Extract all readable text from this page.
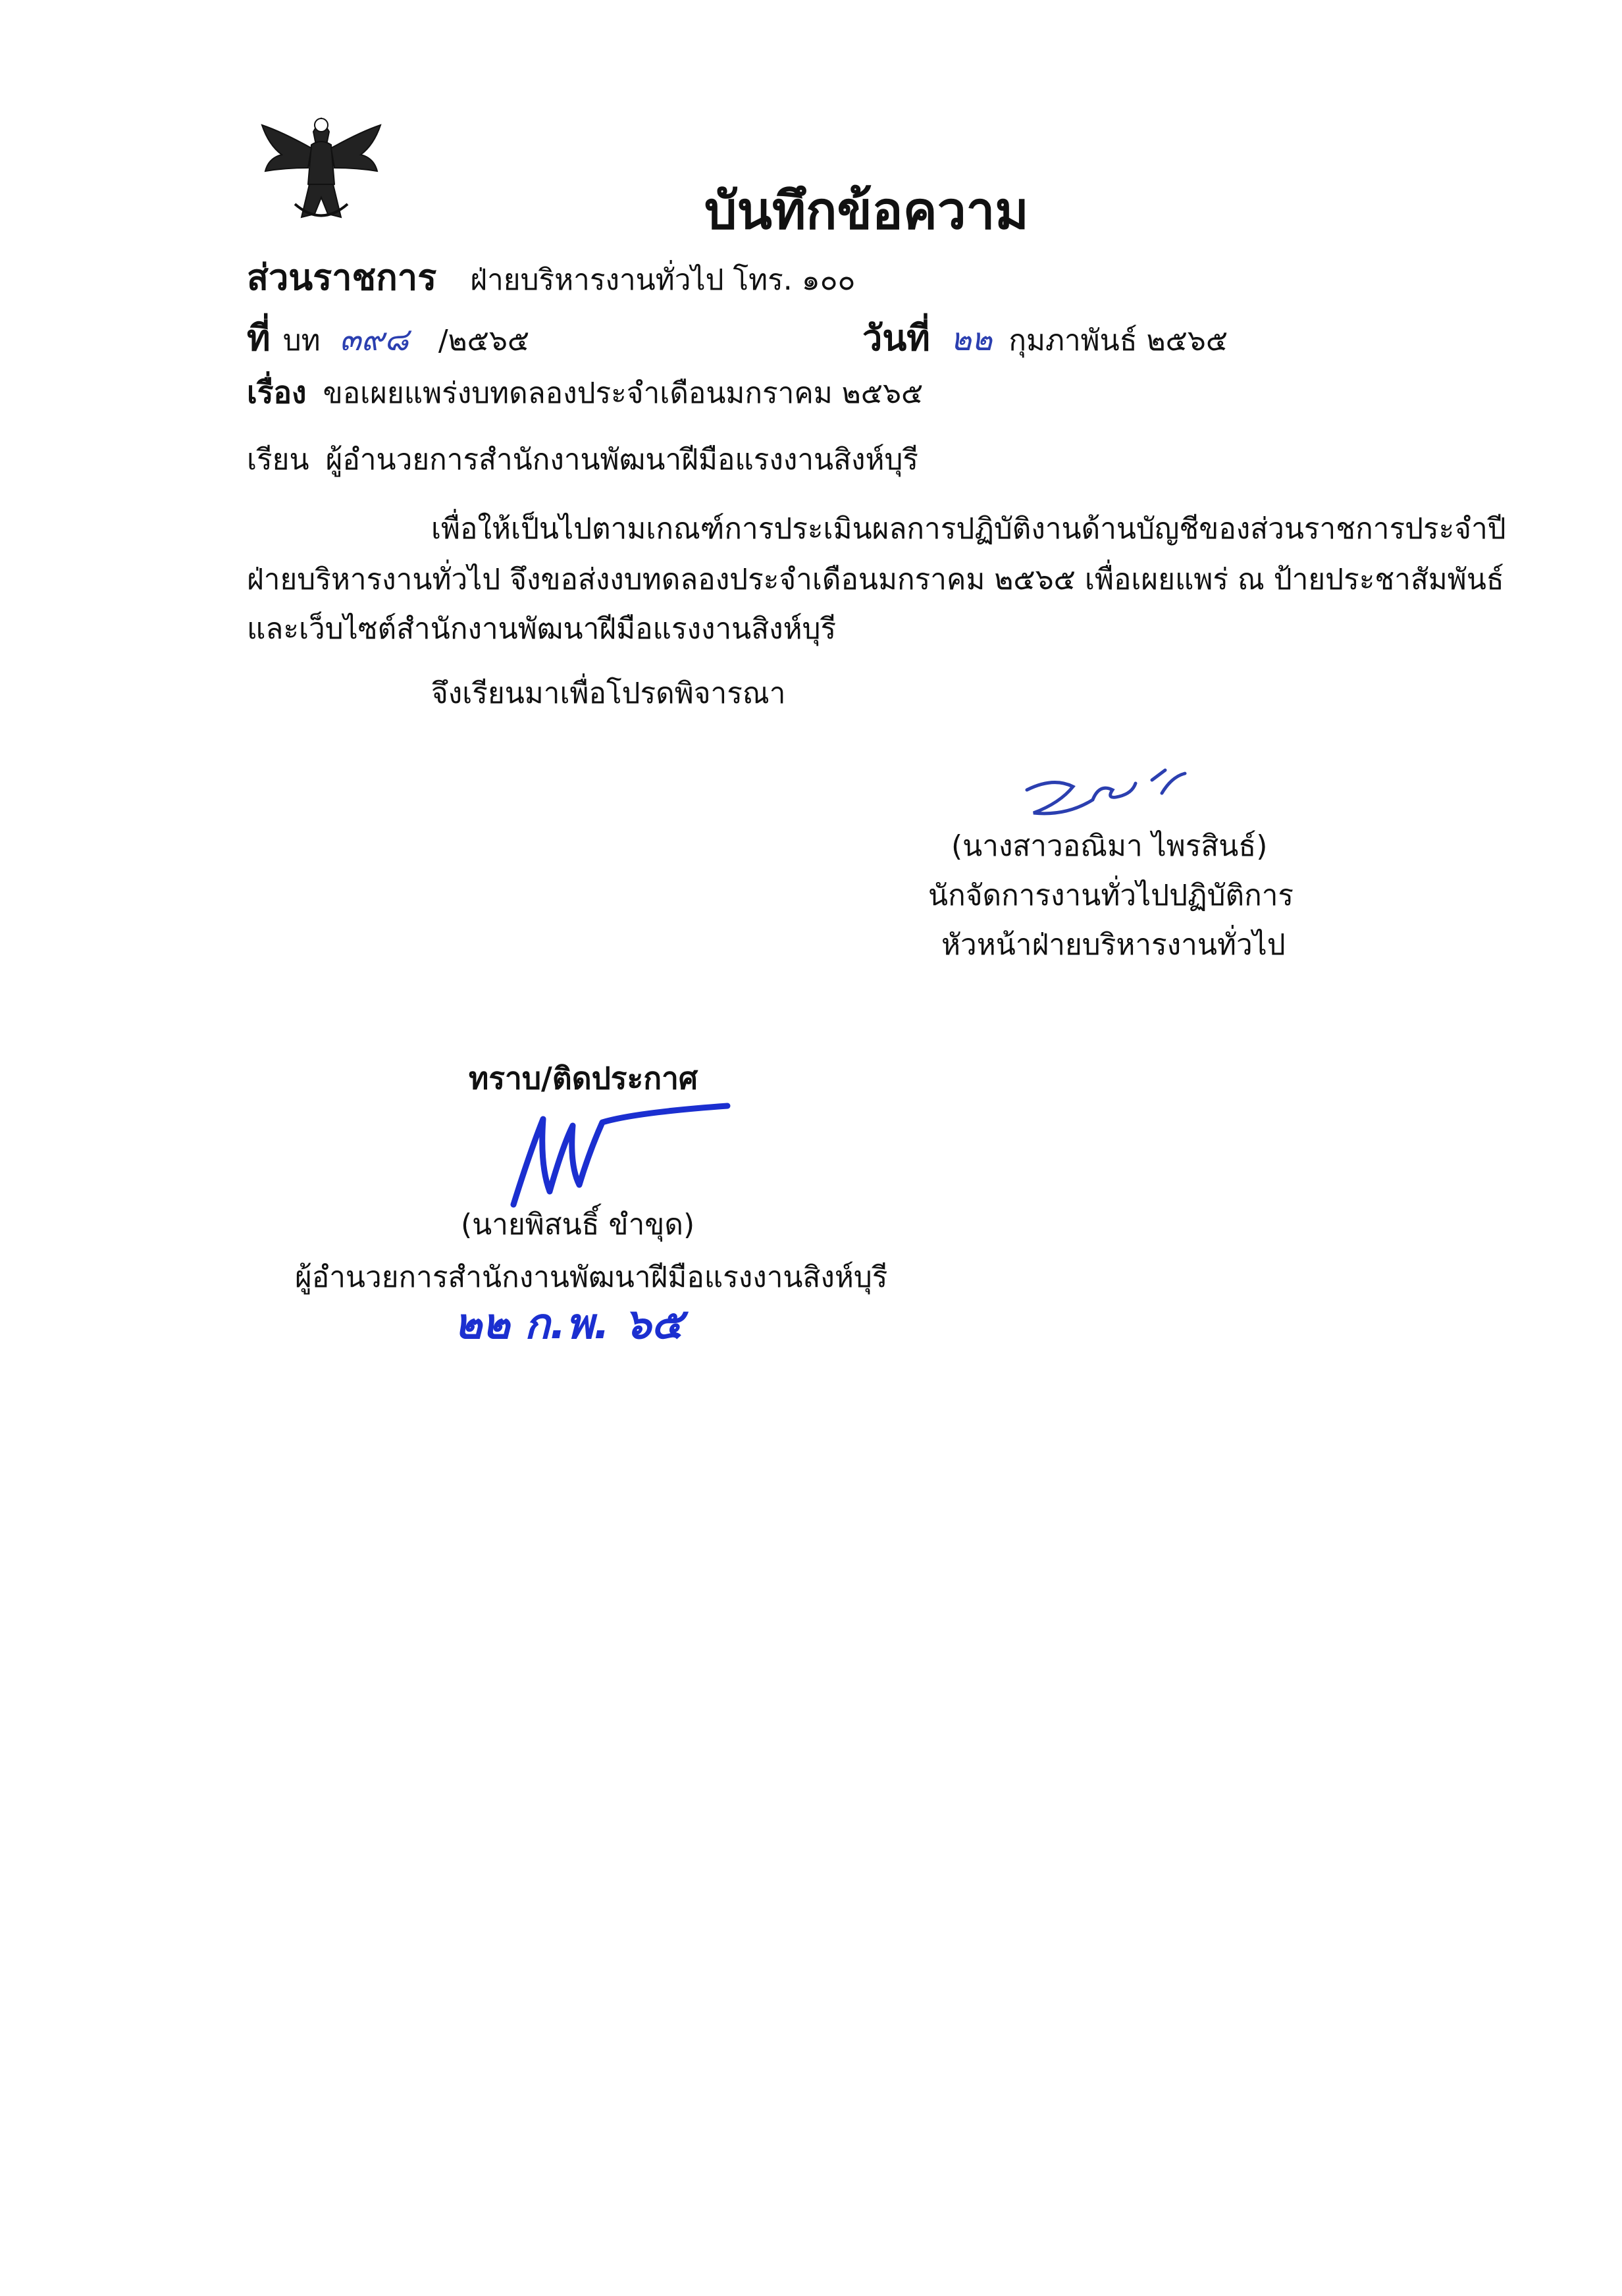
บันทึกข้อความ
ส่วนราชการ ฝ่ายบริหารงานทั่วไป โทร. ๑๐๐
ที่ บท ๓๙๘ /๒๕๖๕	วันที่ ๒๒ กุมภาพันธ์ ๒๕๖๕
เรื่อง ขอเผยแพร่งบทดลองประจำเดือนมกราคม ๒๕๖๕
เรียน ผู้อำนวยการสำนักงานพัฒนาฝีมือแรงงานสิงห์บุรี
เพื่อให้เป็นไปตามเกณฑ์การประเมินผลการปฏิบัติงานด้านบัญชีของส่วนราชการประจำปี
ฝ่ายบริหารงานทั่วไป จึงขอส่งงบทดลองประจำเดือนมกราคม ๒๕๖๕ เพื่อเผยแพร่ ณ ป้ายประชาสัมพันธ์
และเว็บไซต์สำนักงานพัฒนาฝีมือแรงงานสิงห์บุรี
จึงเรียนมาเพื่อโปรดพิจารณา
(นางสาวอณิมา ไพรสินธ์)
นักจัดการงานทั่วไปปฏิบัติการ
หัวหน้าฝ่ายบริหารงานทั่วไป
ทราบ/ติดประกาศ
(นายพิสนธิ์ ขำขุด)
ผู้อำนวยการสำนักงานพัฒนาฝีมือแรงงานสิงห์บุรี
๒๒ ก.พ. ๖๕
